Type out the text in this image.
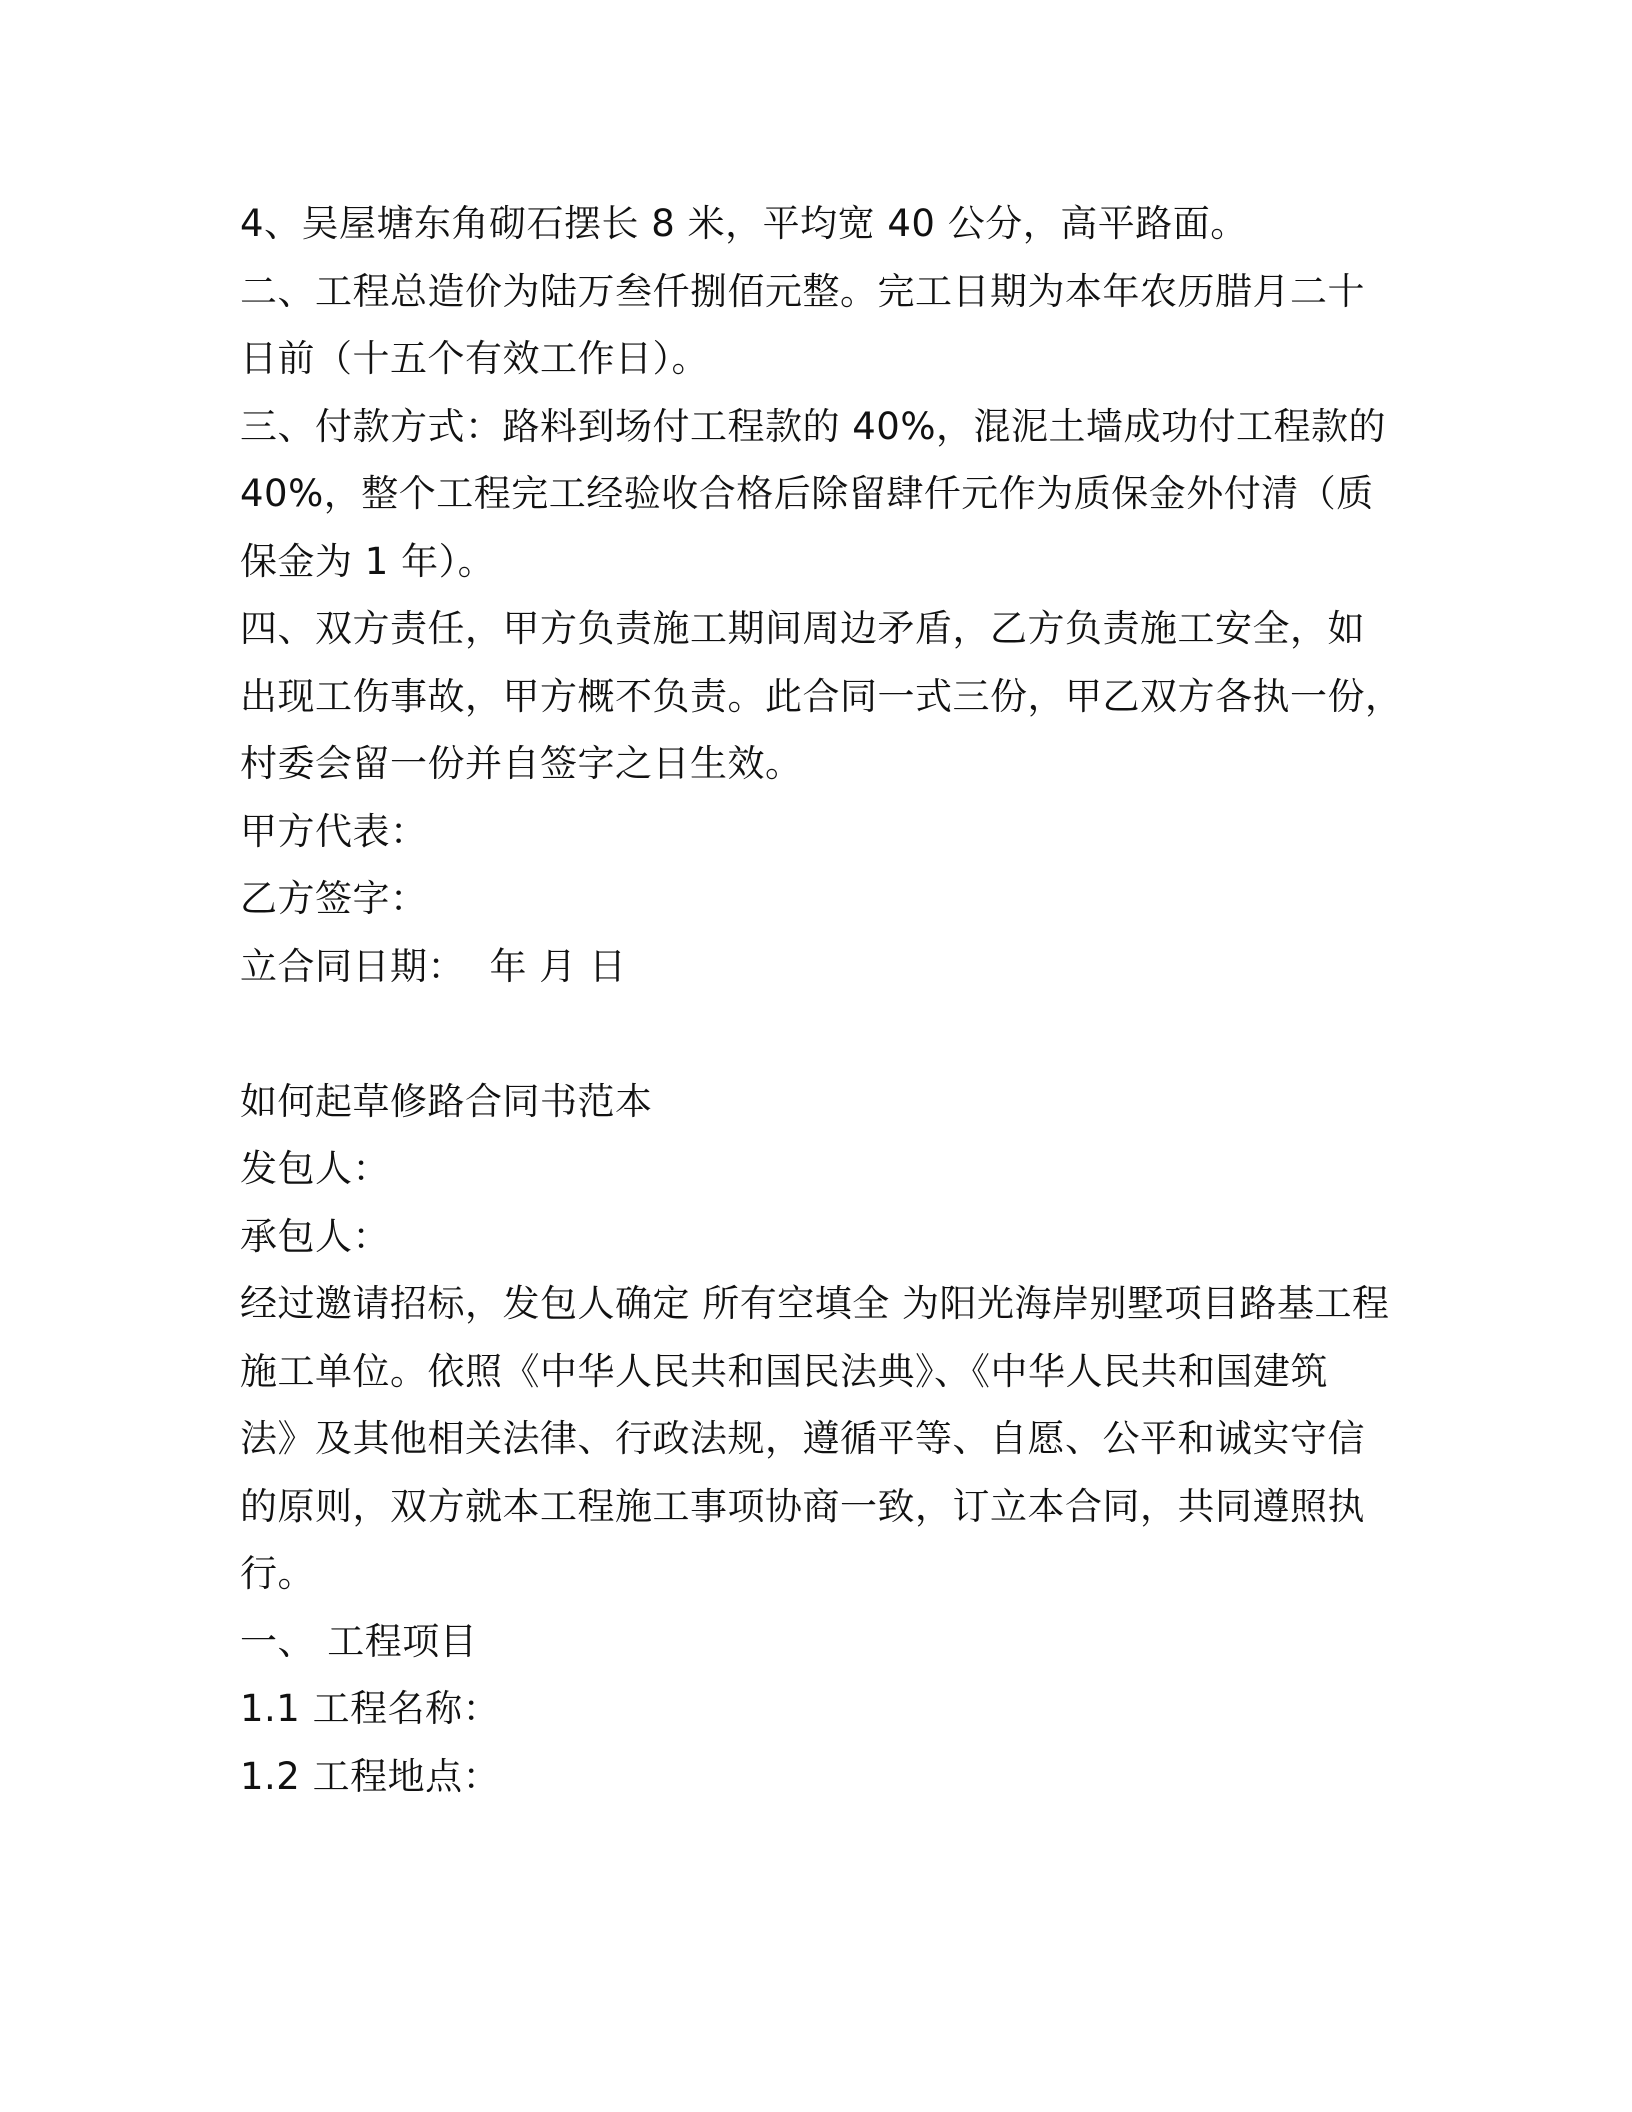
4、吴屋塘东角砌石摆长 8 米，平均宽 40 公分，高平路面。
二、工程总造价为陆万叁仟捌佰元整。完工日期为本年农历腊月二十
日前（十五个有效工作日）。
三、付款方式：路料到场付工程款的 40%，混泥土墙成功付工程款的
40%，整个工程完工经验收合格后除留肆仟元作为质保金外付清（质
保金为 1 年）。
四、双方责任，甲方负责施工期间周边矛盾，乙方负责施工安全，如
出现工伤事故，甲方概不负责。此合同一式三份，甲乙双方各执一份，
村委会留一份并自签字之日生效。
甲方代表：
乙方签字：
立合同日期：  年 月 日
如何起草修路合同书范本
发包人：
承包人：
经过邀请招标，发包人确定 所有空填全 为阳光海岸别墅项目路基工程
施工单位。依照《中华人民共和国民法典》、《中华人民共和国建筑
法》及其他相关法律、行政法规，遵循平等、自愿、公平和诚实守信
的原则，双方就本工程施工事项协商一致，订立本合同，共同遵照执
行。
一、 工程项目
1.1 工程名称：
1.2 工程地点：
